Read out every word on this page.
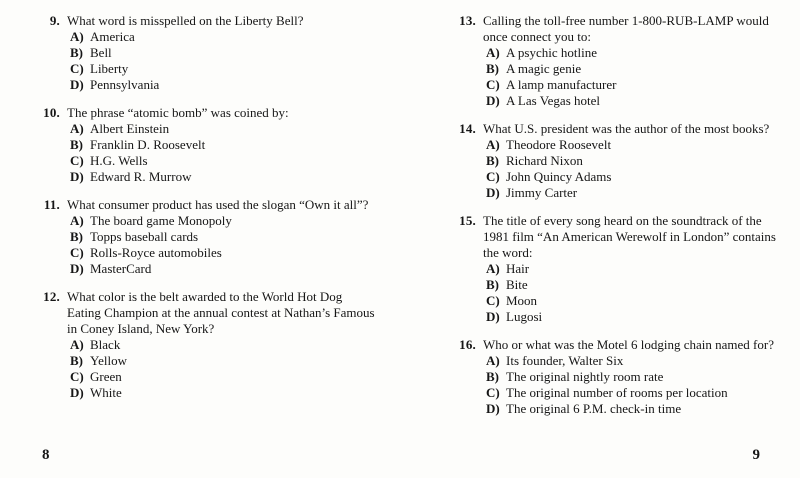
9. What word is misspelled on the Liberty Bell?
A) America
B) Bell
C) Liberty
D) Pennsylvania
10. The phrase “atomic bomb” was coined by:
A) Albert Einstein
B) Franklin D. Roosevelt
C) H.G. Wells
D) Edward R. Murrow
11. What consumer product has used the slogan “Own it all”?
A) The board game Monopoly
B) Topps baseball cards
C) Rolls-Royce automobiles
D) MasterCard
12. What color is the belt awarded to the World Hot Dog Eating Champion at the annual contest at Nathan’s Famous in Coney Island, New York?
A) Black
B) Yellow
C) Green
D) White
8
13. Calling the toll-free number 1-800-RUB-LAMP would once connect you to:
A) A psychic hotline
B) A magic genie
C) A lamp manufacturer
D) A Las Vegas hotel
14. What U.S. president was the author of the most books?
A) Theodore Roosevelt
B) Richard Nixon
C) John Quincy Adams
D) Jimmy Carter
15. The title of every song heard on the soundtrack of the 1981 film “An American Werewolf in London” contains the word:
A) Hair
B) Bite
C) Moon
D) Lugosi
16. Who or what was the Motel 6 lodging chain named for?
A) Its founder, Walter Six
B) The original nightly room rate
C) The original number of rooms per location
D) The original 6 P.M. check-in time
9
